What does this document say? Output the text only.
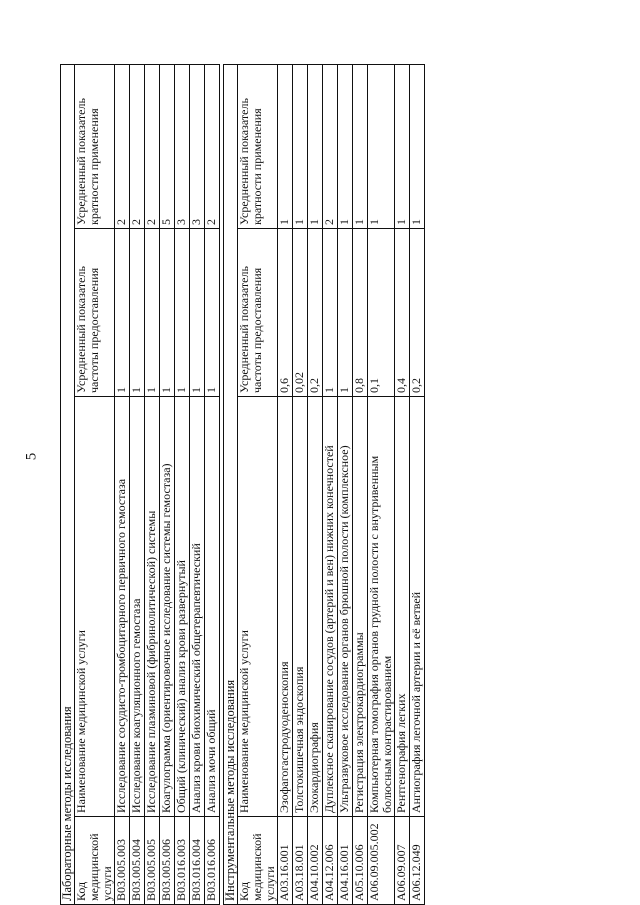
5
Лабораторные методы исследования			
Код медицинской услуги	Наименование медицинской услуги	Усредненный показатель частоты предоставления	Усредненный показатель кратности применения
B03.005.003	Исследование сосудисто-тромбоцитарного первичного гемостаза	1	2
B03.005.004	Исследование коагуляционного гемостаза	1	2
B03.005.005	Исследование плазминовой (фибринолитической) системы	1	2
B03.005.006	Коагулограмма (ориентировочное исследование системы гемостаза)	1	5
B03.016.003	Общий (клинический) анализ крови развернутый	1	3
B03.016.004	Анализ крови биохимический общетерапевтический	1	3
B03.016.006	Анализ мочи общий	1	2

Инструментальные методы исследования			
Код медицинской услуги	Наименование медицинской услуги	Усредненный показатель частоты предоставления	Усредненный показатель кратности применения
A03.16.001	Эзофагогастродуоденоскопия	0,6	1
A03.18.001	Толстокишечная эндоскопия	0,02	1
A04.10.002	Эхокардиография	0,2	1
A04.12.006	Дуплексное сканирование сосудов (артерий и вен) нижних конечностей	1	2
A04.16.001	Ультразвуковое исследование органов брюшной полости (комплексное)	1	1
A05.10.006	Регистрация электрокардиограммы	0,8	1
A06.09.005.002	Компьютерная томография органов грудной полости с внутривенным болюсным контрастированием	0,1	1
A06.09.007	Рентгенография легких	0,4	1
A06.12.049	Ангиография легочной артерии и её ветвей	0,2	1
